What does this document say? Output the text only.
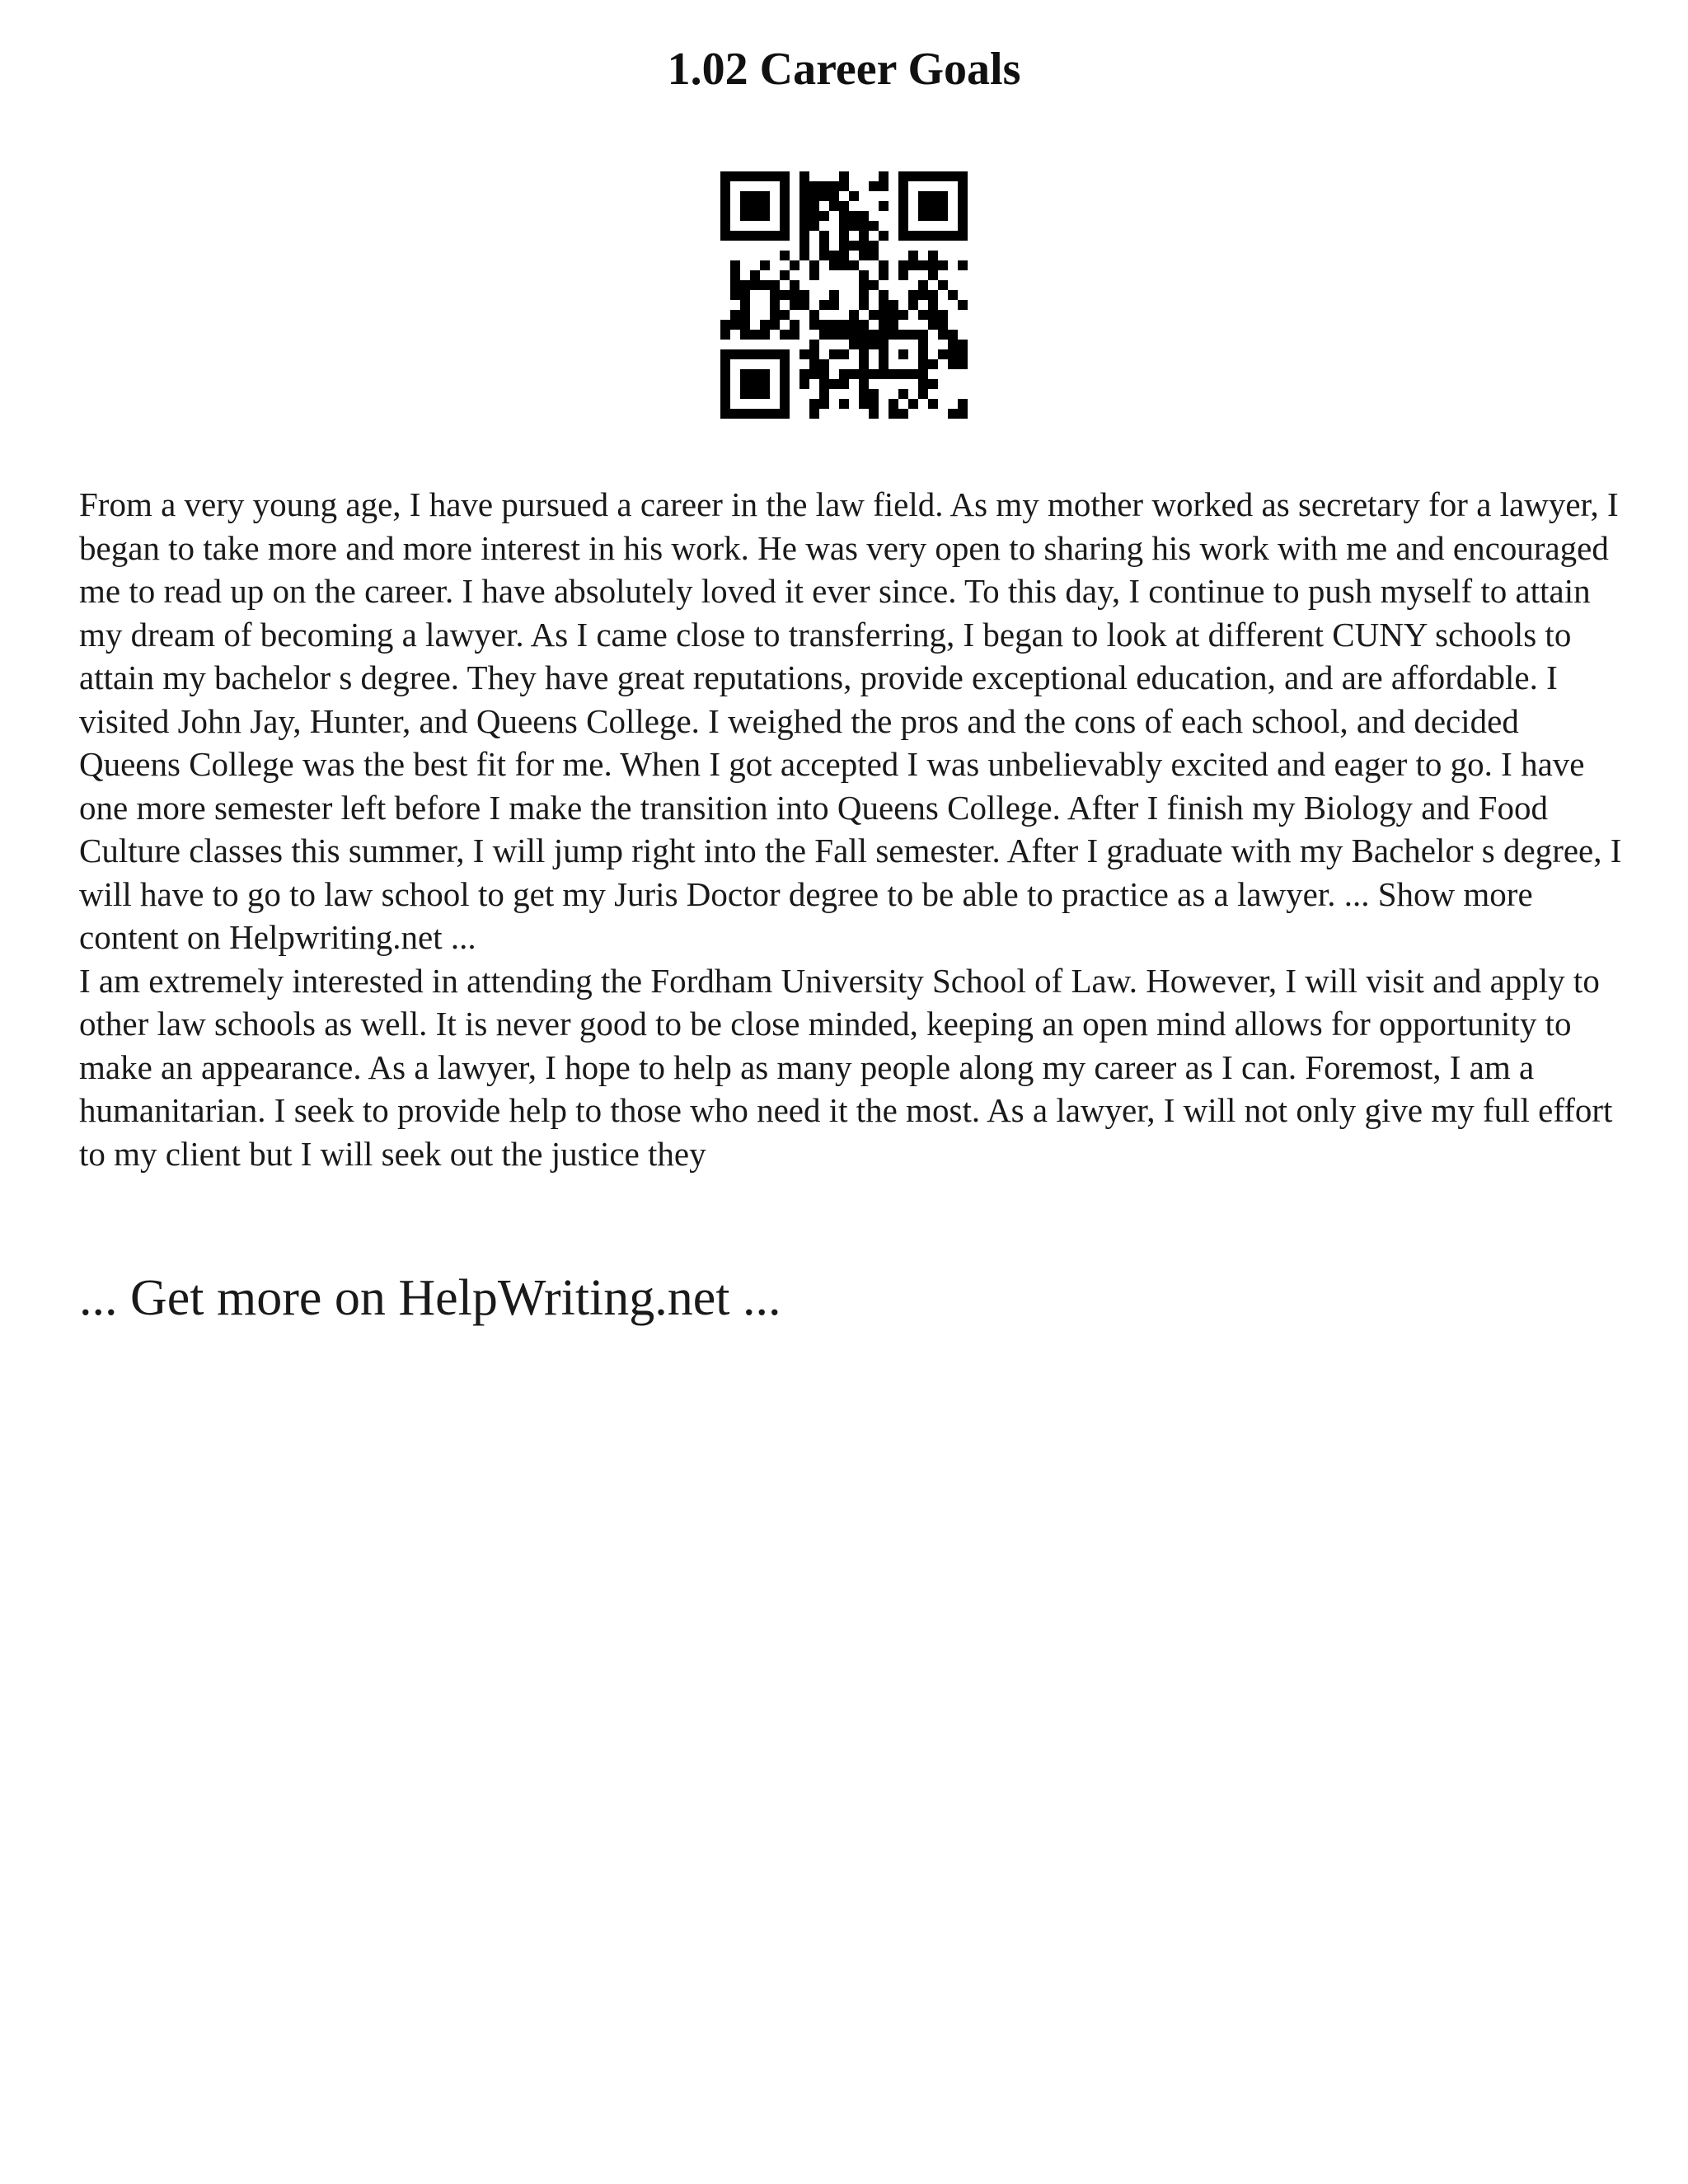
1.02 Career Goals

From a very young age, I have pursued a career in the law field. As my mother worked as secretary for a lawyer, I began to take more and more interest in his work. He was very open to sharing his work with me and encouraged me to read up on the career. I have absolutely loved it ever since. To this day, I continue to push myself to attain my dream of becoming a lawyer. As I came close to transferring, I began to look at different CUNY schools to attain my bachelor s degree. They have great reputations, provide exceptional education, and are affordable. I visited John Jay, Hunter, and Queens College. I weighed the pros and the cons of each school, and decided Queens College was the best fit for me. When I got accepted I was unbelievably excited and eager to go. I have one more semester left before I make the transition into Queens College. After I finish my Biology and Food Culture classes this summer, I will jump right into the Fall semester. After I graduate with my Bachelor s degree, I will have to go to law school to get my Juris Doctor degree to be able to practice as a lawyer. ... Show more content on Helpwriting.net ...

I am extremely interested in attending the Fordham University School of Law. However, I will visit and apply to other law schools as well. It is never good to be close minded, keeping an open mind allows for opportunity to make an appearance. As a lawyer, I hope to help as many people along my career as I can. Foremost, I am a humanitarian. I seek to provide help to those who need it the most. As a lawyer, I will not only give my full effort to my client but I will seek out the justice they

... Get more on HelpWriting.net ...
